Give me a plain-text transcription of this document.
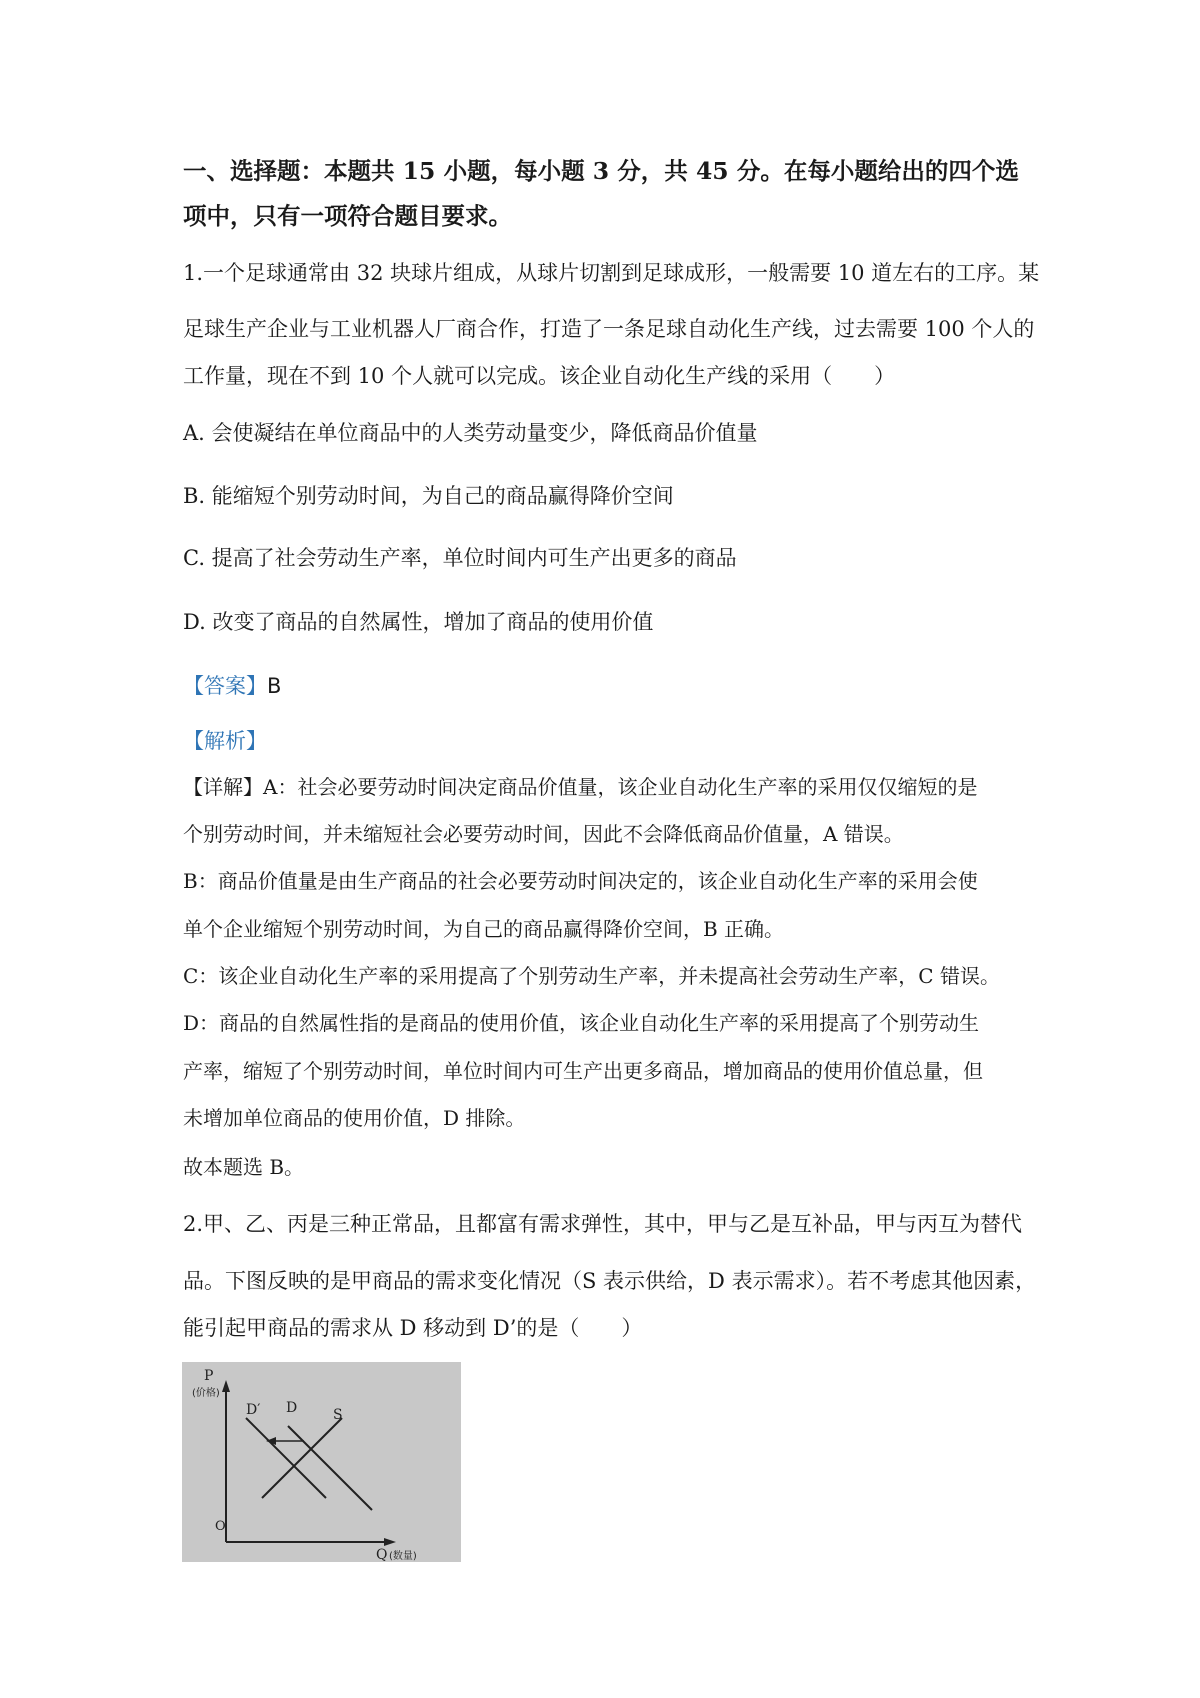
一、选择题：本题共 15 小题，每小题 3 分，共 45 分。在每小题给出的四个选
项中，只有一项符合题目要求。
1.一个足球通常由 32 块球片组成，从球片切割到足球成形，一般需要 10 道左右的工序。某
足球生产企业与工业机器人厂商合作，打造了一条足球自动化生产线，过去需要 100 个人的
工作量，现在不到 10 个人就可以完成。该企业自动化生产线的采用（　　）
A. 会使凝结在单位商品中的人类劳动量变少，降低商品价值量
B. 能缩短个别劳动时间，为自己的商品赢得降价空间
C. 提高了社会劳动生产率，单位时间内可生产出更多的商品
D. 改变了商品的自然属性，增加了商品的使用价值
【答案】B
【解析】
【详解】A：社会必要劳动时间决定商品价值量，该企业自动化生产率的采用仅仅缩短的是
个别劳动时间，并未缩短社会必要劳动时间，因此不会降低商品价值量，A 错误。
B：商品价值量是由生产商品的社会必要劳动时间决定的，该企业自动化生产率的采用会使
单个企业缩短个别劳动时间，为自己的商品赢得降价空间，B 正确。
C：该企业自动化生产率的采用提高了个别劳动生产率，并未提高社会劳动生产率，C 错误。
D：商品的自然属性指的是商品的使用价值，该企业自动化生产率的采用提高了个别劳动生
产率，缩短了个别劳动时间，单位时间内可生产出更多商品，增加商品的使用价值总量，但
未增加单位商品的使用价值，D 排除。
故本题选 B。
2.甲、乙、丙是三种正常品，且都富有需求弹性，其中，甲与乙是互补品，甲与丙互为替代
品。下图反映的是甲商品的需求变化情况（S 表示供给，D 表示需求）。若不考虑其他因素，
能引起甲商品的需求从 D 移动到 D’的是（　　）
P
(价格)
D′ D	S
O
Q (数量)
